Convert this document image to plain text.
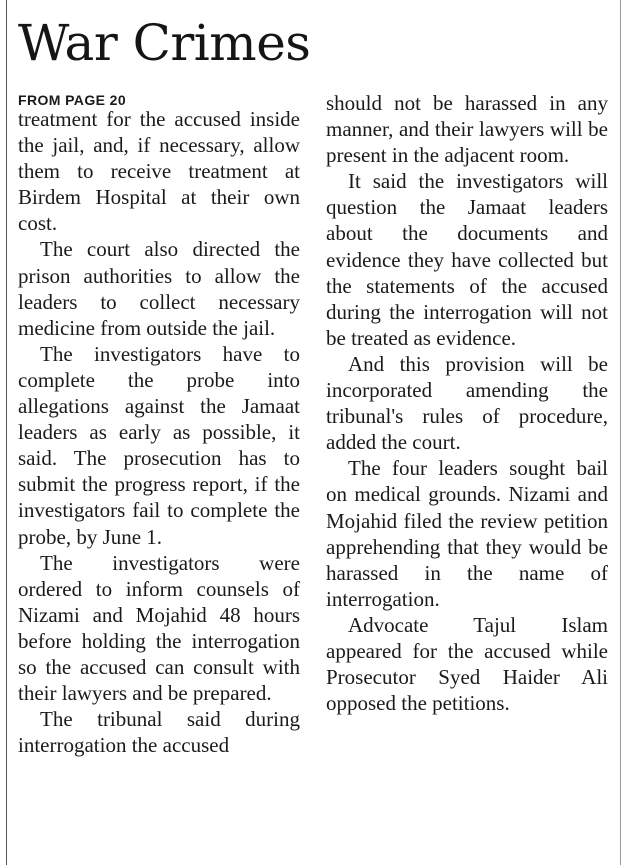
War Crimes
FROM PAGE 20

treatment for the accused inside the jail, and, if necessary, allow them to receive treatment at Birdem Hospital at their own cost.

The court also directed the prison authorities to allow the leaders to collect necessary medicine from outside the jail.

The investigators have to complete the probe into allegations against the Jamaat leaders as early as possible, it said. The prosecution has to submit the progress report, if the investigators fail to complete the probe, by June 1.

The investigators were ordered to inform counsels of Nizami and Mojahid 48 hours before holding the interrogation so the accused can consult with their lawyers and be prepared.

The tribunal said during interrogation the accused

should not be harassed in any manner, and their lawyers will be present in the adjacent room.

It said the investigators will question the Jamaat leaders about the documents and evidence they have collected but the statements of the accused during the interrogation will not be treated as evidence.

And this provision will be incorporated amending the tribunal's rules of procedure, added the court.

The four leaders sought bail on medical grounds. Nizami and Mojahid filed the review petition apprehending that they would be harassed in the name of interrogation.

Advocate Tajul Islam appeared for the accused while Prosecutor Syed Haider Ali opposed the petitions.
